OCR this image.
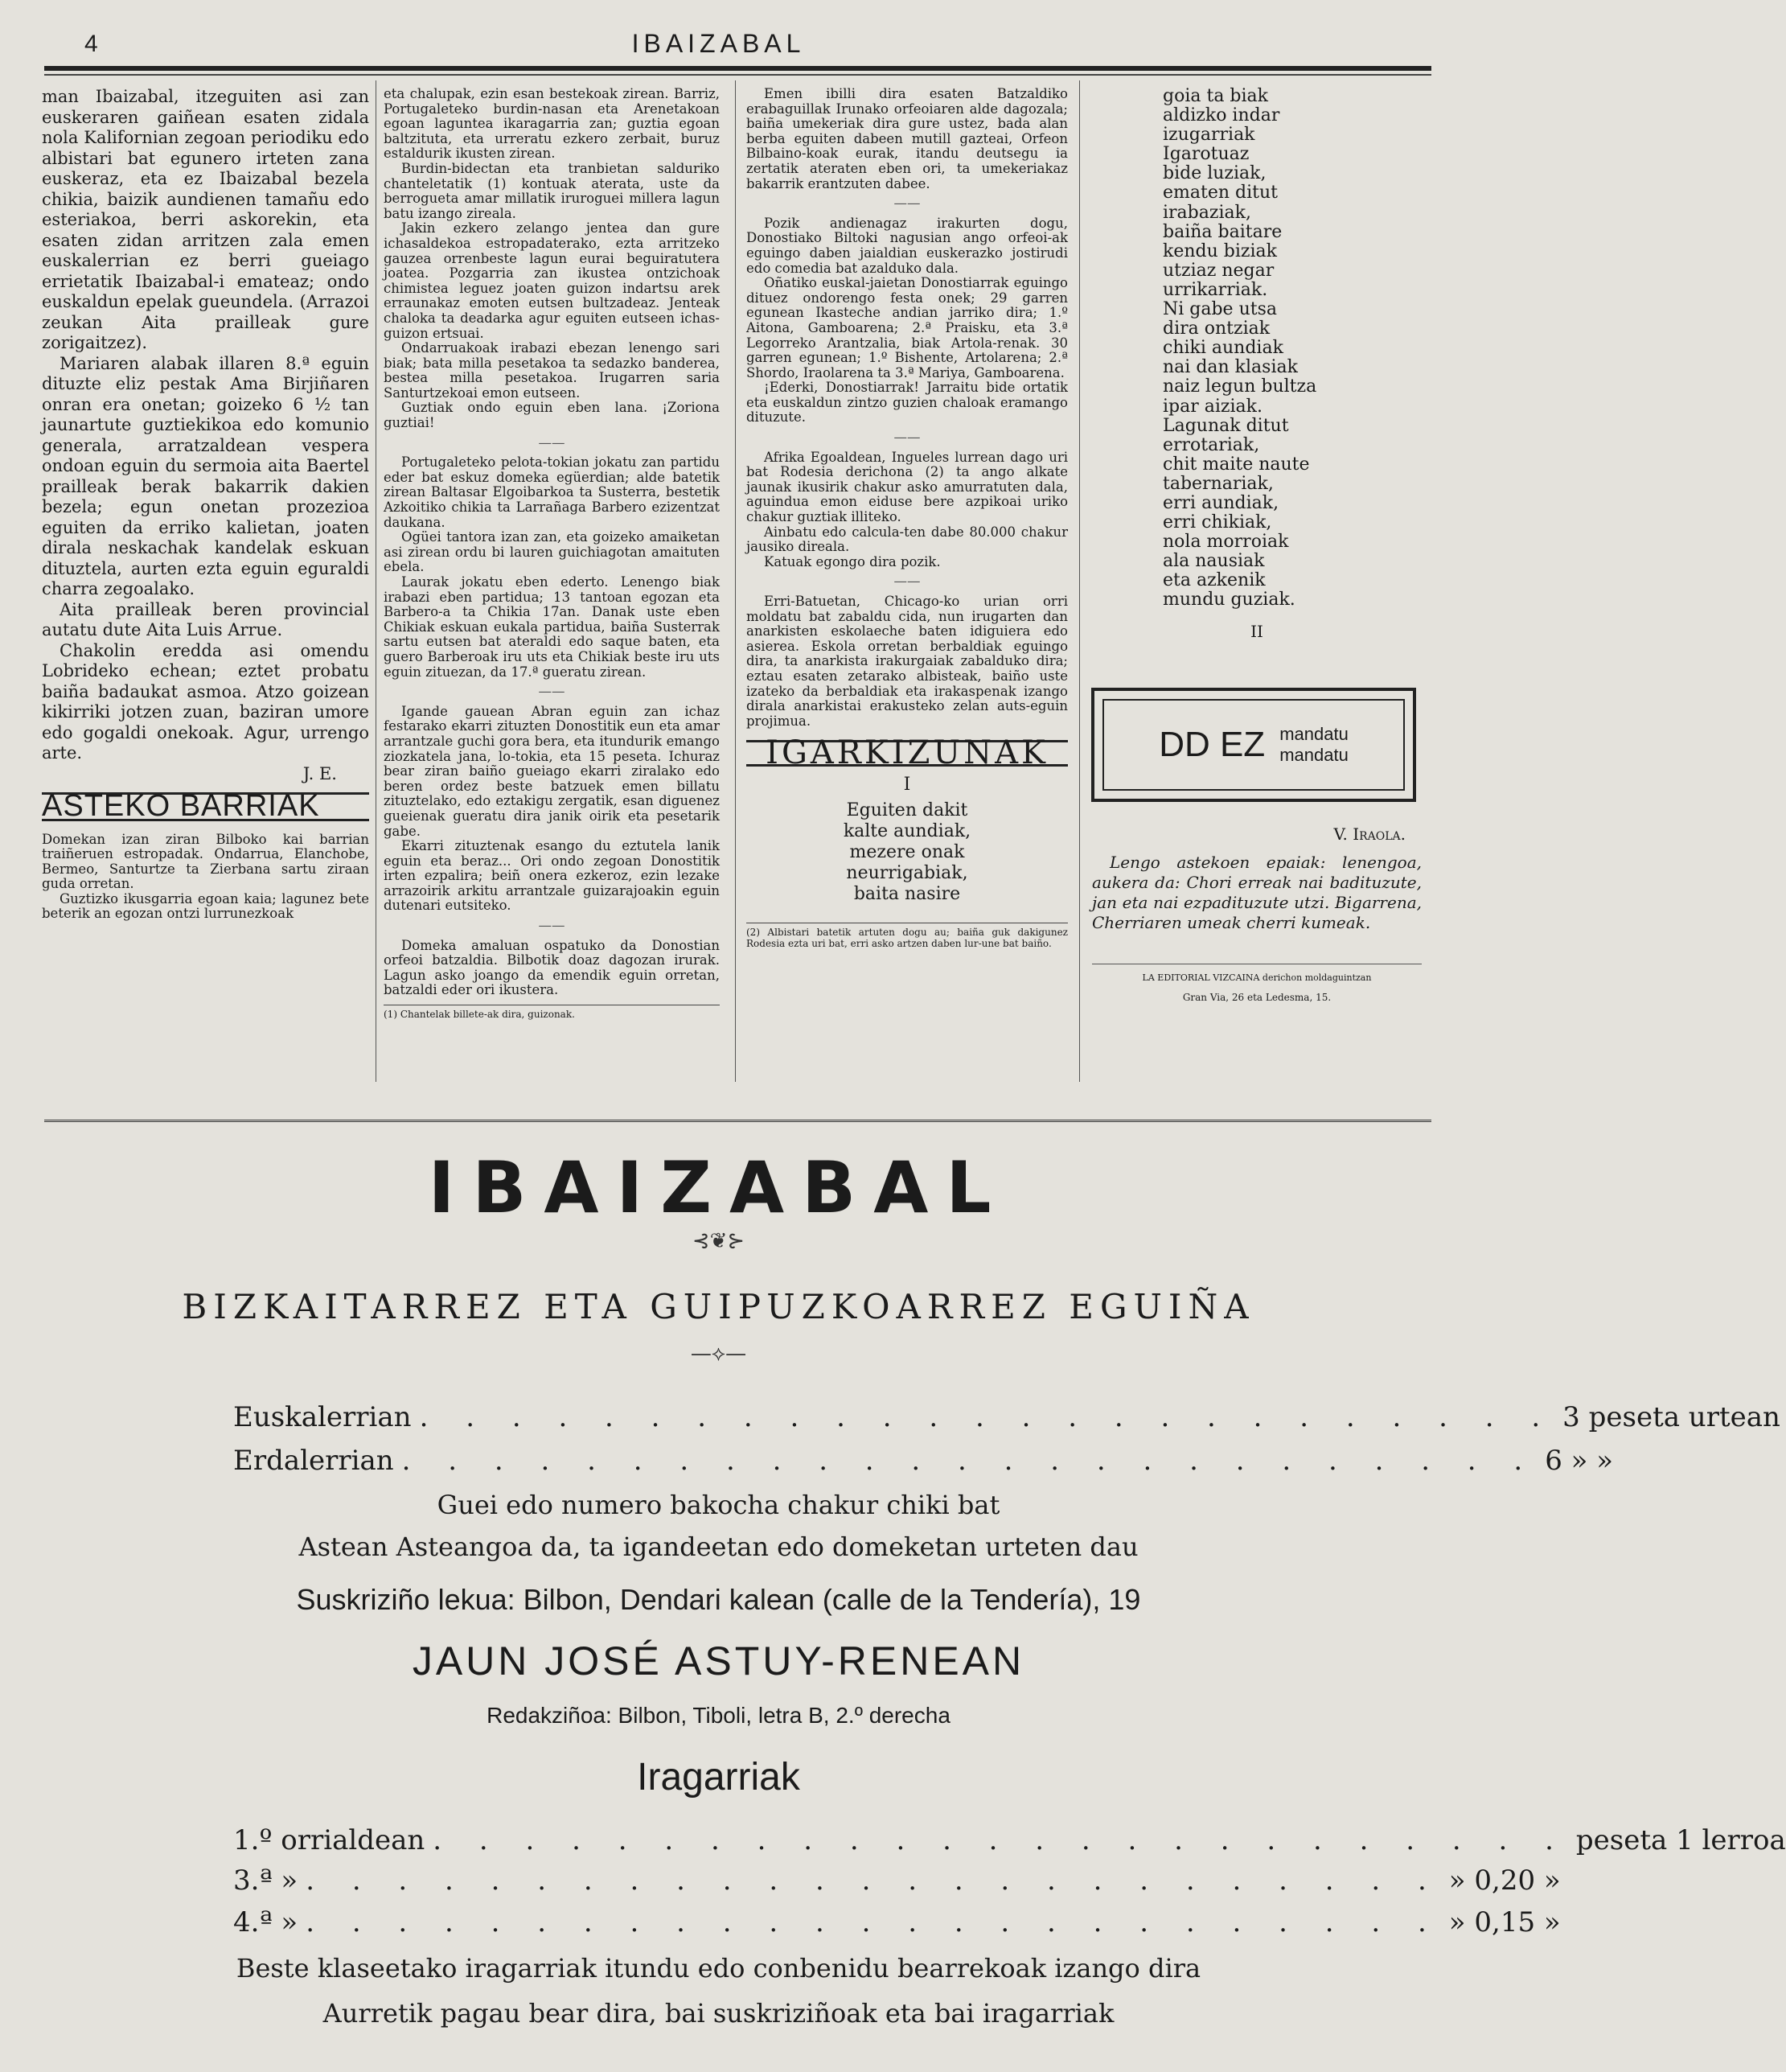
4	IBAIZABAL

man Ibaizabal, itzeguiten asi zan euskeraren gaiñean esaten zidala nola Kalifornian zegoan periodiku edo albistari bat egunero irteten zana euskeraz, eta ez Ibaizabal bezela chikia, baizik aundienen tamañu edo esteriakoa, berri askorekin, eta esaten zidan arritzen zala emen euskalerrian ez berri gueiago errietatik Ibaizabal-i emateaz; ondo euskaldun epelak gueundela. (Arrazoi zeukan Aita prailleak gure zorigaitzez).

Mariaren alabak illaren 8.ª eguin dituzte eliz pestak Ama Birjiñaren onran era onetan; goizeko 6 ½ tan jaunartute guztiekikoa edo komunio generala, arratzaldean vespera ondoan eguin du sermoia aita Baertel prailleak berak bakarrik dakien bezela; egun onetan prozezioa eguiten da erriko kalietan, joaten dirala neskachak kandelak eskuan dituztela, aurten ezta eguin eguraldi charra zegoalako.

Aita prailleak beren provincial autatu dute Aita Luis Arrue.

Chakolin eredda asi omendu Lobrideko echean; eztet probatu baiña badaukat asmoa. Atzo goizean kikirriki jotzen zuan, baziran umore edo gogaldi onekoak. Agur, urrengo arte.

J. E.

ASTEKO BARRIAK

Domekan izan ziran Bilboko kai barrian traiñeruen estropadak. Ondarrua, Elanchobe, Bermeo, Santurtze ta Zierbana sartu ziraan guda orretan.

Guztizko ikusgarria egoan kaia; lagunez bete beterik an egozan ontzi lurrunezkoak

eta chalupak, ezin esan bestekoak zirean. Barriz, Portugaleteko burdin-nasan eta Arenetakoan egoan laguntea ikaragarria zan; guztia egoan baltzituta, eta urreratu ezkero zerbait, buruz estaldurik ikusten zirean.

Burdin-bidectan eta tranbietan salduriko chanteletatik (1) kontuak aterata, uste da berrogueta amar millatik iruroguei millera lagun batu izango zireala.

Jakin ezkero zelango jentea dan gure ichasaldekoa estropadaterako, ezta arritzeko gauzea orrenbeste lagun eurai beguiratutera joatea. Pozgarria zan ikustea ontzichoak chimistea leguez joaten guizon indartsu arek erraunakaz emoten eutsen bultzadeaz. Jenteak chaloka ta deadarka agur eguiten eutseen ichas-guizon ertsuai.

Ondarruakoak irabazi ebezan lenengo sari biak; bata milla pesetakoa ta sedazko banderea, bestea milla pesetakoa. Irugarren saria Santurtzekoai emon eutseen.

Guztiak ondo eguin eben lana. ¡Zoriona guztiai!

——

Portugaleteko pelota-tokian jokatu zan partidu eder bat eskuz domeka egüerdian; alde batetik zirean Baltasar Elgoibarkoa ta Susterra, bestetik Azkoitiko chikia ta Larrañaga Barbero ezizentzat daukana.

Ogüei tantora izan zan, eta goizeko amaiketan asi zirean ordu bi lauren guichiagotan amaituten ebela.

Laurak jokatu eben ederto. Lenengo biak irabazi eben partidua; 13 tantoan egozan eta Barbero-a ta Chikia 17an. Danak uste eben Chikiak eskuan eukala partidua, baiña Susterrak sartu eutsen bat ateraldi edo saque baten, eta guero Barberoak iru uts eta Chikiak beste iru uts eguin zituezan, da 17.ª gueratu zirean.

——

Igande gauean Abran eguin zan ichaz festarako ekarri zituzten Donostitik eun eta amar arrantzale guchi gora bera, eta itundurik emango ziozkatela jana, lo-tokia, eta 15 peseta. Ichuraz bear ziran baiño gueiago ekarri ziralako edo beren ordez beste batzuek emen billatu zituztelako, edo eztakigu zergatik, esan diguenez gueienak gueratu dira janik oirik eta pesetarik gabe.

Ekarri zituztenak esango du eztutela lanik eguin eta beraz... Ori ondo zegoan Donostitik irten ezpalira; beiñ onera ezkeroz, ezin lezake arrazoirik arkitu arrantzale guizarajoakin eguin dutenari eutsiteko.

——

Domeka amaluan ospatuko da Donostian orfeoi batzaldia. Bilbotik doaz dagozan irurak. Lagun asko joango da emendik eguin orretan, batzaldi eder ori ikustera.

(1) Chantelak billete-ak dira, guizonak.

Emen ibilli dira esaten Batzaldiko erabaguillak Irunako orfeoiaren alde dagozala; baiña umekeriak dira gure ustez, bada alan berba eguiten dabeen mutill gazteai, Orfeon Bilbaino-koak eurak, itandu deutsegu ia zertatik ateraten eben ori, ta umekeriakaz bakarrik erantzuten dabee.

——

Pozik andienagaz irakurten dogu, Donostiako Biltoki nagusian ango orfeoi-ak eguingo daben jaialdian euskerazko jostirudi edo comedia bat azalduko dala.

Oñatiko euskal-jaietan Donostiarrak eguingo dituez ondorengo festa onek; 29 garren egunean Ikasteche andian jarriko dira; 1.º Aitona, Gamboarena; 2.ª Praisku, eta 3.ª Legorreko Arantzalia, biak Artola-renak. 30 garren egunean; 1.º Bishente, Artolarena; 2.ª Shordo, Iraolarena ta 3.ª Mariya, Gamboarena.

¡Ederki, Donostiarrak! Jarraitu bide ortatik eta euskaldun zintzo guzien chaloak eramango dituzute.

——

Afrika Egoaldean, Ingueles lurrean dago uri bat Rodesia derichona (2) ta ango alkate jaunak ikusirik chakur asko amurratuten dala, aguindua emon eiduse bere azpikoai uriko chakur guztiak illiteko.

Ainbatu edo calcula-ten dabe 80.000 chakur jausiko direala.

Katuak egongo dira pozik.

——

Erri-Batuetan, Chicago-ko urian orri moldatu bat zabaldu cida, nun irugarten dan anarkisten eskolaeche baten idiguiera edo asierea. Eskola orretan berbaldiak eguingo dira, ta anarkista irakurgaiak zabalduko dira; eztau esaten zetarako albisteak, baiño uste izateko da berbaldiak eta irakaspenak izango dirala anarkistai erakusteko zelan auts-eguin projimua.

IGARKIZUNAK
I
Eguiten dakit
kalte aundiak,
mezere onak
neurrigabiak,
baita nasire
(2) Albistari batetik artuten dogu au; baiña guk dakigunez Rodesia ezta uri bat, erri asko artzen daben lur-une bat baiño.
goia ta biak
aldizko indar
izugarriak
Igarotuaz
bide luziak,
ematen ditut
irabaziak,
baiña baitare
kendu biziak
utziaz negar
urrikarriak.
Ni gabe utsa
dira ontziak
chiki aundiak
nai dan klasiak
naiz legun bultza
ipar aiziak.
Lagunak ditut
errotariak,
chit maite naute
tabernariak,
erri aundiak,
erri chikiak,
nola morroiak
ala nausiak
eta azkenik
mundu guziak.
II
DD EZ mandatu
mandatu
V. Iraola.

Lengo astekoen epaiak: lenengoa, aukera da: Chori erreak nai badituzute, jan eta nai ezpadituzute utzi. Bigarrena, Cherriaren umeak cherri kumeak.

LA EDITORIAL VIZCAINA derichon moldaguintzan
Gran Via, 26 eta Ledesma, 15.
IBAIZABAL
⊰❦⊱
BIZKAITARREZ ETA GUIPUZKOARREZ EGUIÑA
—⟡—
Euskalerrian . . . . . . . . . . . . . . . . . . . . . . . . . 3 peseta urtean
Erdalerrian . . . . . . . . . . . . . . . . . . . . . . . . . 6 » »
Guei edo numero bakocha chakur chiki bat
Astean Asteangoa da, ta igandeetan edo domeketan urteten dau
Suskriziño lekua: Bilbon, Dendari kalean (calle de la Tendería), 19
JAUN JOSÉ ASTUY-RENEAN
Redakziñoa: Bilbon, Tiboli, letra B, 2.º derecha
Iragarriak
1.º orrialdean . . . . . . . . . . . . . . . . . . . . . . . . . peseta 1 lerroa
3.ª » . . . . . . . . . . . . . . . . . . . . . . . . . » 0,20 »
4.ª » . . . . . . . . . . . . . . . . . . . . . . . . . » 0,15 »
Beste klaseetako iragarriak itundu edo conbenidu bearrekoak izango dira
Aurretik pagau bear dira, bai suskriziñoak eta bai iragarriak
